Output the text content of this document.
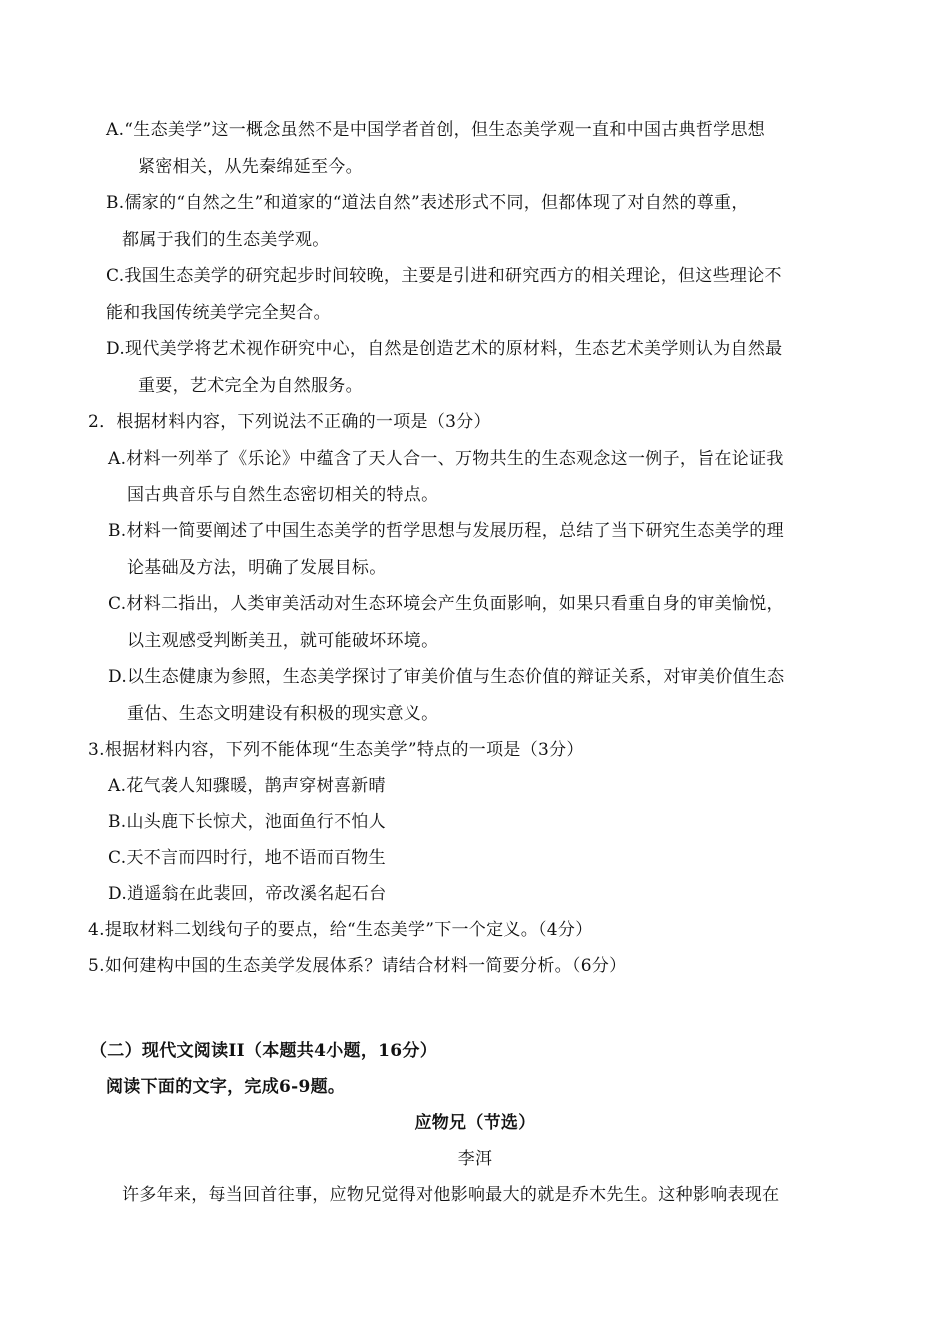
A.“生态美学”这一概念虽然不是中国学者首创，但生态美学观一直和中国古典哲学思想
紧密相关，从先秦绵延至今。
B.儒家的“自然之生”和道家的“道法自然”表述形式不同，但都体现了对自然的尊重，
都属于我们的生态美学观。
C.我国生态美学的研究起步时间较晚，主要是引进和研究西方的相关理论，但这些理论不
能和我国传统美学完全契合。
D.现代美学将艺术视作研究中心，自然是创造艺术的原材料，生态艺术美学则认为自然最
重要，艺术完全为自然服务。
2．根据材料内容，下列说法不正确的一项是（3分）
A.材料一列举了《乐论》中蕴含了天人合一、万物共生的生态观念这一例子，旨在论证我
国古典音乐与自然生态密切相关的特点。
B.材料一简要阐述了中国生态美学的哲学思想与发展历程，总结了当下研究生态美学的理
论基础及方法，明确了发展目标。
C.材料二指出，人类审美活动对生态环境会产生负面影响，如果只看重自身的审美愉悦，
以主观感受判断美丑，就可能破坏环境。
D.以生态健康为参照，生态美学探讨了审美价值与生态价值的辩证关系，对审美价值生态
重估、生态文明建设有积极的现实意义。
3.根据材料内容，下列不能体现“生态美学”特点的一项是（3分）
A.花气袭人知骤暖，鹊声穿树喜新晴
B.山头鹿下长惊犬，池面鱼行不怕人
C.天不言而四时行，地不语而百物生
D.逍遥翁在此裴回，帝改溪名起石台
4.提取材料二划线句子的要点，给“生态美学”下一个定义。（4分）
5.如何建构中国的生态美学发展体系？请结合材料一简要分析。（6分）
（二）现代文阅读II（本题共4小题，16分）
阅读下面的文字，完成6-9题。
应物兄（节选）
李洱
许多年来，每当回首往事，应物兄觉得对他影响最大的就是乔木先生。这种影响表现在
